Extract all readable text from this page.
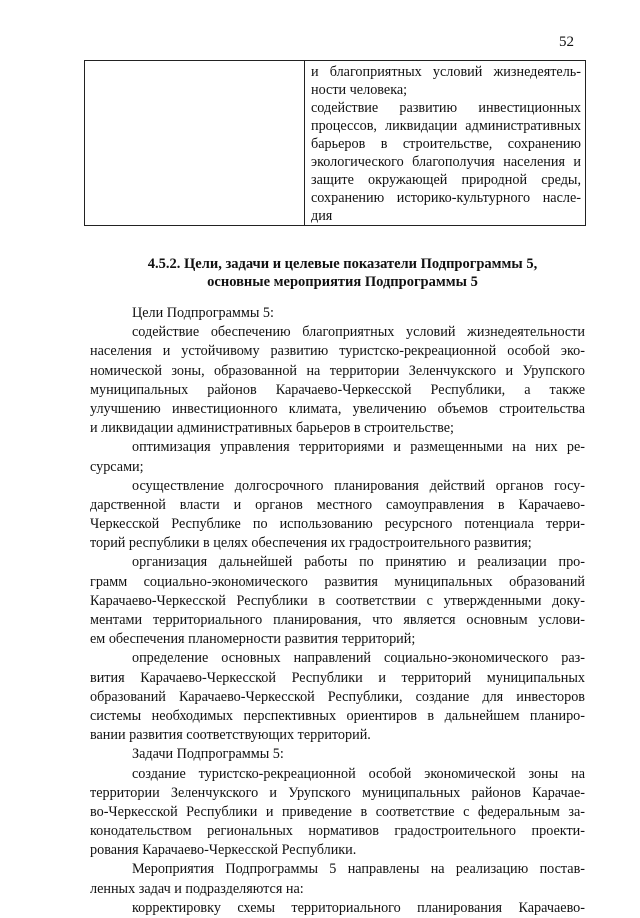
52

и благоприятных условий жизнедеятель-
ности человека;
содействие развитию инвестиционных
процессов, ликвидации административных
барьеров в строительстве, сохранению
экологического благополучия населения и
защите окружающей природной среды,
сохранению историко-культурного насле-
дия
4.5.2. Цели, задачи и целевые показатели Подпрограммы 5,
основные мероприятия Подпрограммы 5
Цели Подпрограммы 5:
содействие обеспечению благоприятных условий жизнедеятельности
населения и устойчивому развитию туристско-рекреационной особой эко-
номической зоны, образованной на территории Зеленчукского и Урупского
муниципальных районов Карачаево-Черкесской Республики, а также
улучшению инвестиционного климата, увеличению объемов строительства
и ликвидации административных барьеров в строительстве;
оптимизация управления территориями и размещенными на них ре-
сурсами;
осуществление долгосрочного планирования действий органов госу-
дарственной власти и органов местного самоуправления в Карачаево-
Черкесской Республике по использованию ресурсного потенциала терри-
торий республики в целях обеспечения их градостроительного развития;
организация дальнейшей работы по принятию и реализации про-
грамм социально-экономического развития муниципальных образований
Карачаево-Черкесской Республики в соответствии с утвержденными доку-
ментами территориального планирования, что является основным услови-
ем обеспечения планомерности развития территорий;
определение основных направлений социально-экономического раз-
вития Карачаево-Черкесской Республики и территорий муниципальных
образований Карачаево-Черкесской Республики, создание для инвесторов
системы необходимых перспективных ориентиров в дальнейшем планиро-
вании развития соответствующих территорий.
Задачи Подпрограммы 5:
создание туристско-рекреационной особой экономической зоны на
территории Зеленчукского и Урупского муниципальных районов Карачае-
во-Черкесской Республики и приведение в соответствие с федеральным за-
конодательством региональных нормативов градостроительного проекти-
рования Карачаево-Черкесской Республики.
Мероприятия Подпрограммы 5 направлены на реализацию постав-
ленных задач и подразделяются на:
корректировку схемы территориального планирования Карачаево-
